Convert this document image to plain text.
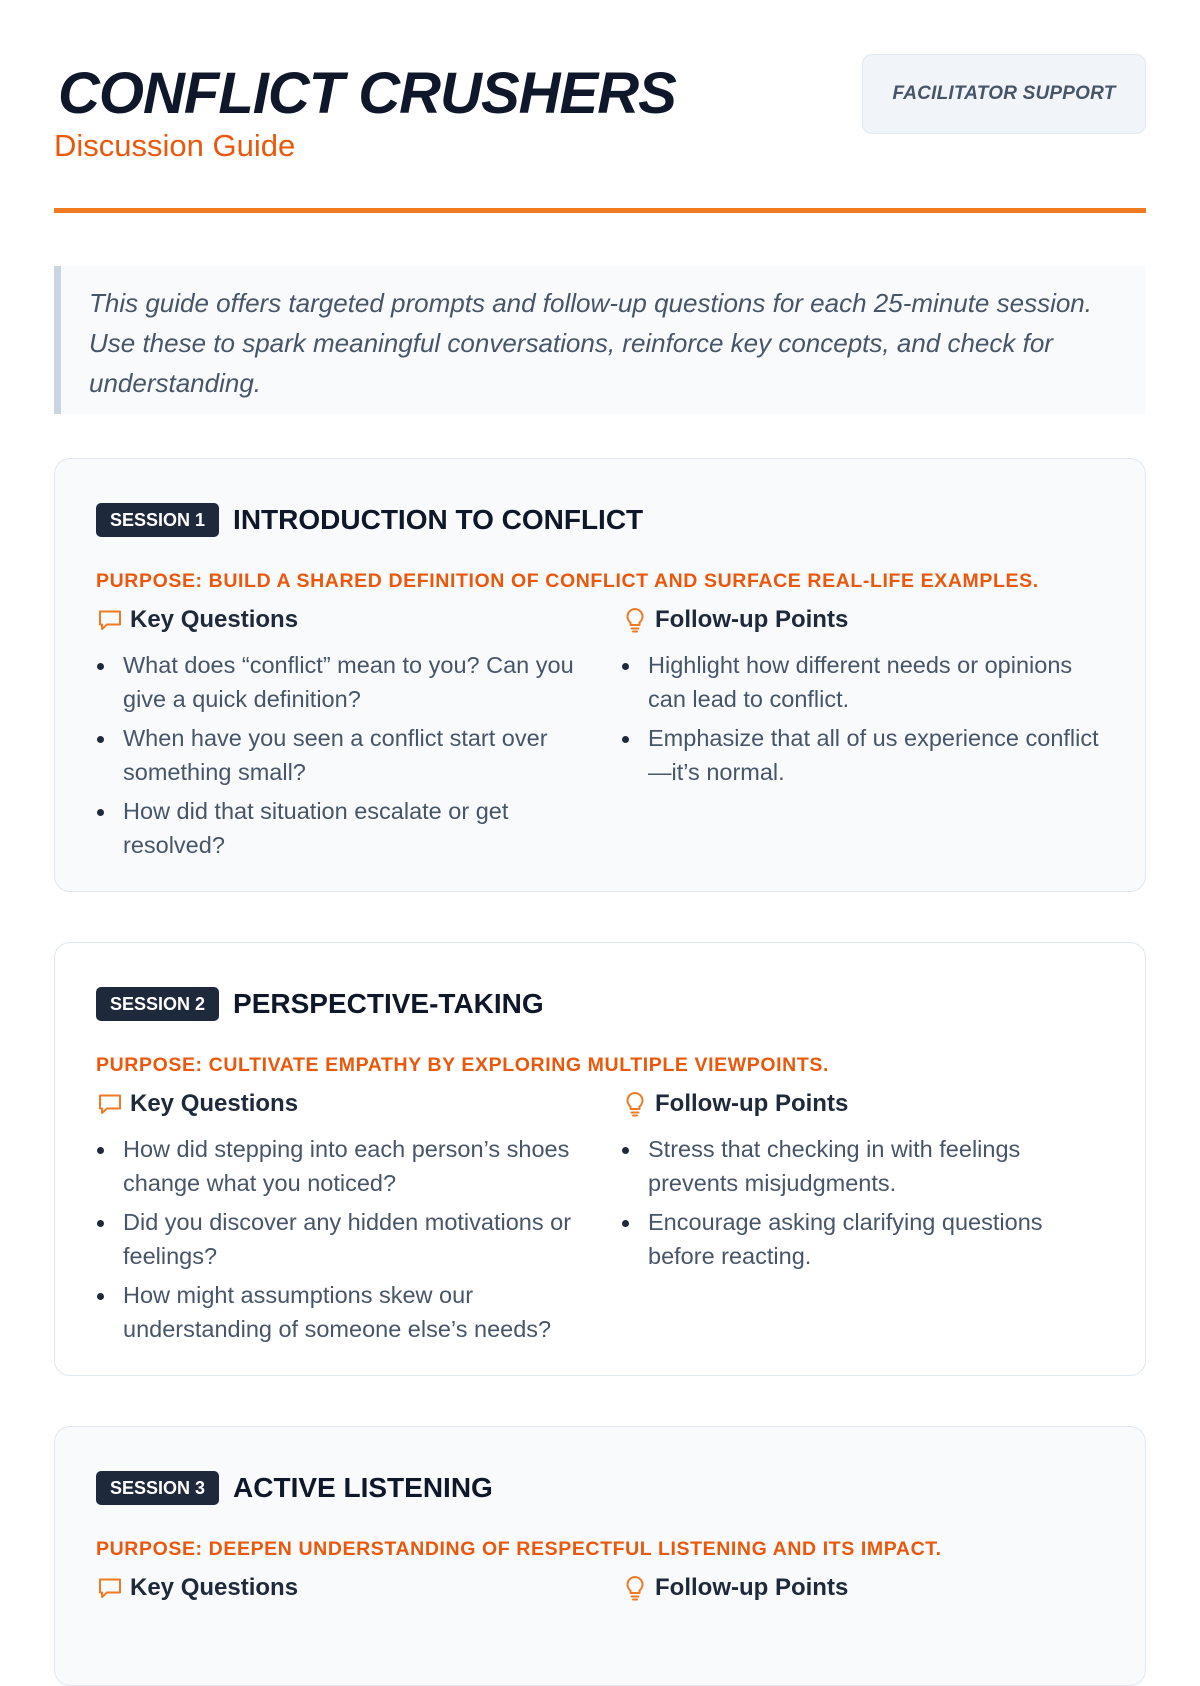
CONFLICT CRUSHERS
Discussion Guide
FACILITATOR SUPPORT

This guide offers targeted prompts and follow-up questions for each 25-minute session. Use these to spark meaningful conversations, reinforce key concepts, and check for understanding.

SESSION 1	INTRODUCTION TO CONFLICT
PURPOSE: BUILD A SHARED DEFINITION OF CONFLICT AND SURFACE REAL-LIFE EXAMPLES.
Key Questions
What does “conflict” mean to you? Can you give a quick definition?
When have you seen a conflict start over something small?
How did that situation escalate or get resolved?
Follow-up Points
Highlight how different needs or opinions can lead to conflict.
Emphasize that all of us experience conflict—it’s normal.
SESSION 2	PERSPECTIVE-TAKING
PURPOSE: CULTIVATE EMPATHY BY EXPLORING MULTIPLE VIEWPOINTS.
Key Questions
How did stepping into each person’s shoes change what you noticed?
Did you discover any hidden motivations or feelings?
How might assumptions skew our understanding of someone else’s needs?
Follow-up Points
Stress that checking in with feelings prevents misjudgments.
Encourage asking clarifying questions before reacting.
SESSION 3	ACTIVE LISTENING
PURPOSE: DEEPEN UNDERSTANDING OF RESPECTFUL LISTENING AND ITS IMPACT.
Key Questions	Follow-up Points
